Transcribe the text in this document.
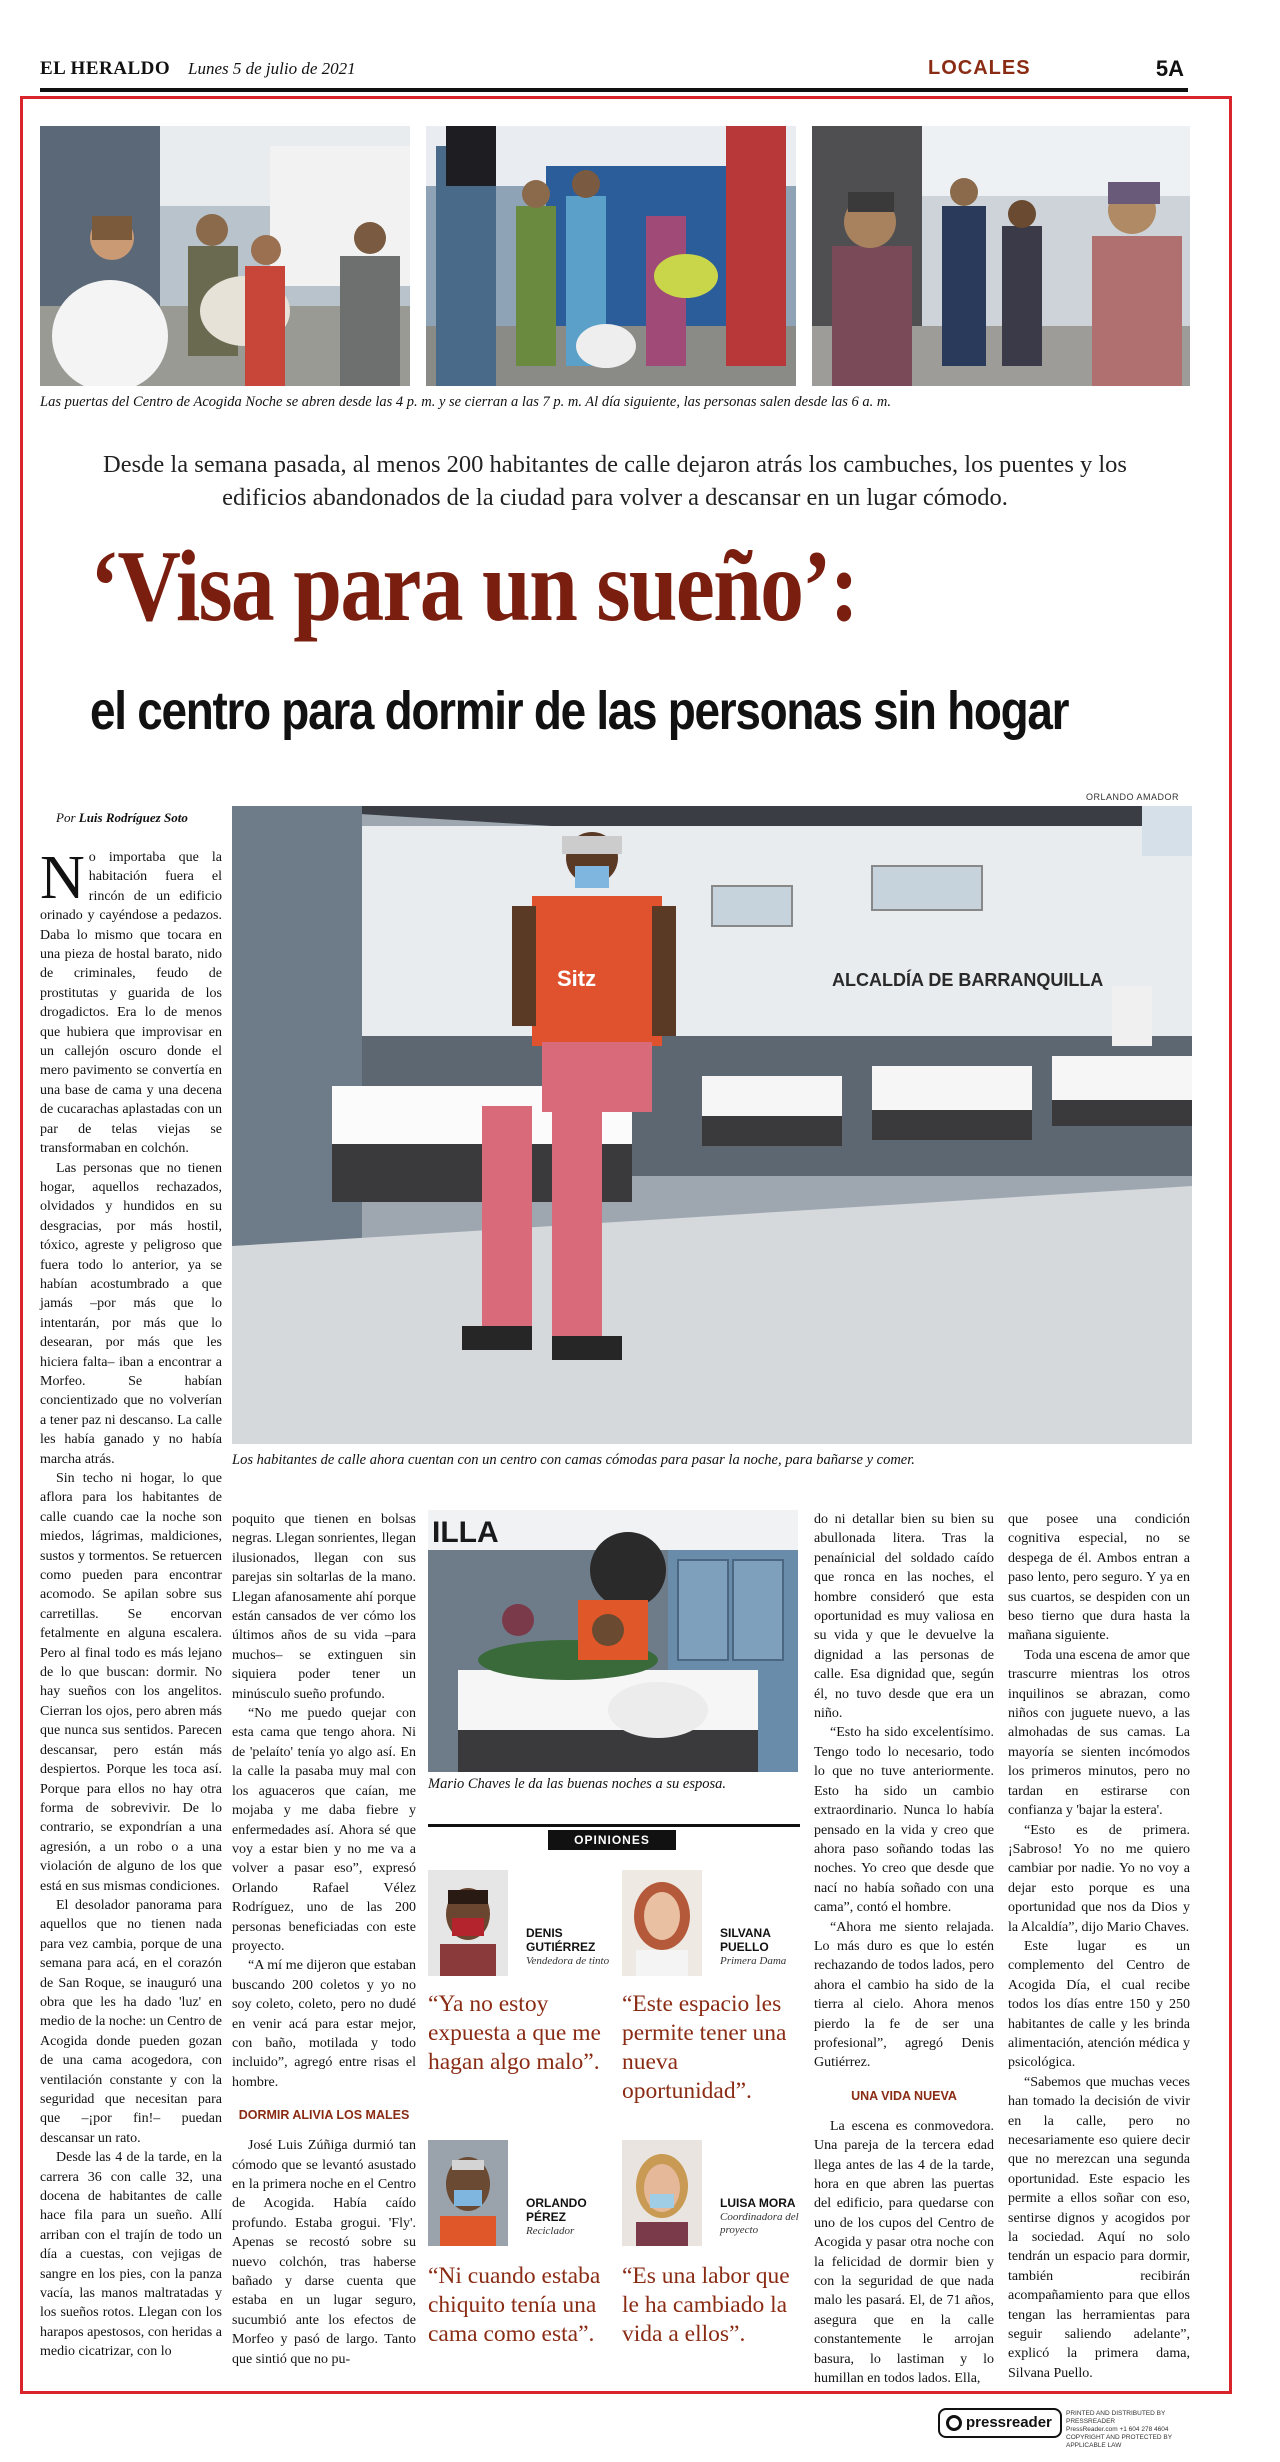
EL HERALDO Lunes 5 de julio de 2021	LOCALES	5A
Las puertas del Centro de Acogida Noche se abren desde las 4 p. m. y se cierran a las 7 p. m. Al día siguiente, las personas salen desde las 6 a. m.
Desde la semana pasada, al menos 200 habitantes de calle dejaron atrás los cambuches, los puentes y los edificios abandonados de la ciudad para volver a descansar en un lugar cómodo.
‘Visa para un sueño’:
el centro para dormir de las personas sin hogar
ORLANDO AMADOR
Por Luis Rodríguez Soto
ALCALDÍA DE BARRANQUILLA
Sitz

No importaba que la habitación fuera el rincón de un edificio orinado y cayéndose a pedazos. Daba lo mismo que tocara en una pieza de hostal barato, nido de criminales, feudo de prostitutas y guarida de los drogadictos. Era lo de menos que hubiera que improvisar en un callejón oscuro donde el mero pavimento se convertía en una base de cama y una decena de cucarachas aplastadas con un par de telas viejas se transformaban en colchón.

Las personas que no tienen hogar, aquellos rechazados, olvidados y hundidos en su desgracias, por más hostil, tóxico, agreste y peligroso que fuera todo lo anterior, ya se habían acostumbrado a que jamás –por más que lo intentarán, por más que lo desearan, por más que les hiciera falta– iban a encontrar a Morfeo. Se habían concientizado que no volverían a tener paz ni descanso. La calle les había ganado y no había marcha atrás.

Sin techo ni hogar, lo que aflora para los habitantes de calle cuando cae la noche son miedos, lágrimas, maldiciones, sustos y tormentos. Se retuercen como pueden para encontrar acomodo. Se apilan sobre sus carretillas. Se encorvan fetalmente en alguna escalera. Pero al final todo es más lejano de lo que buscan: dormir. No hay sueños con los angelitos. Cierran los ojos, pero abren más que nunca sus sentidos. Parecen descansar, pero están más despiertos. Porque les toca así. Porque para ellos no hay otra forma de sobrevivir. De lo contrario, se expondrían a una agresión, a un robo o a una violación de alguno de los que está en sus mismas condiciones.

El desolador panorama para aquellos que no tienen nada para vez cambia, porque de una semana para acá, en el corazón de San Roque, se inauguró una obra que les ha dado 'luz' en medio de la noche: un Centro de Acogida donde pueden gozan de una cama acogedora, con ventilación constante y con la seguridad que necesitan para que –¡por fin!– puedan descansar un rato.

Desde las 4 de la tarde, en la carrera 36 con calle 32, una docena de habitantes de calle hace fila para un sueño. Allí arriban con el trajín de todo un día a cuestas, con vejigas de sangre en los pies, con la panza vacía, las manos maltratadas y los sueños rotos. Llegan con los harapos apestosos, con heridas a medio cicatrizar, con lo

Los habitantes de calle ahora cuentan con un centro con camas cómodas para pasar la noche, para bañarse y comer.

poquito que tienen en bolsas negras. Llegan sonrientes, llegan ilusionados, llegan con sus parejas sin soltarlas de la mano. Llegan afanosamente ahí porque están cansados de ver cómo los últimos años de su vida –para muchos– se extinguen sin siquiera poder tener un minúsculo sueño profundo.

“No me puedo quejar con esta cama que tengo ahora. Ni de 'pelaíto' tenía yo algo así. En la calle la pasaba muy mal con los aguaceros que caían, me mojaba y me daba fiebre y enfermedades así. Ahora sé que voy a estar bien y no me va a volver a pasar eso”, expresó Orlando Rafael Vélez Rodríguez, uno de las 200 personas beneficiadas con este proyecto.

“A mí me dijeron que estaban buscando 200 coletos y yo no soy coleto, coleto, pero no dudé en venir acá para estar mejor, con baño, motilada y todo incluido”, agregó entre risas el hombre.

DORMIR ALIVIA LOS MALES

José Luis Zúñiga durmió tan cómodo que se levantó asustado en la primera noche en el Centro de Acogida. Había caído profundo. Estaba grogui. 'Fly'. Apenas se recostó sobre su nuevo colchón, tras haberse bañado y darse cuenta que estaba en un lugar seguro, sucumbió ante los efectos de Morfeo y pasó de largo. Tanto que sintió que no pu-

ILLA
Mario Chaves le da las buenas noches a su esposa.
OPINIONES
DENIS
GUTIÉRREZ
Vendedora de tinto
“Ya no estoy expuesta a que me hagan algo malo”.
SILVANA
PUELLO
Primera Dama
“Este espacio les permite tener una nueva oportunidad”.
ORLANDO
PÉREZ
Reciclador
“Ni cuando estaba chiquito tenía una cama como esta”.
LUISA MORA
Coordinadora del proyecto
“Es una labor que le ha cambiado la vida a ellos”.

do ni detallar bien su bien su abullonada litera. Tras la penaínicial del soldado caído que ronca en las noches, el hombre consideró que esta oportunidad es muy valiosa en su vida y que le devuelve la dignidad a las personas de calle. Esa dignidad que, según él, no tuvo desde que era un niño.

“Esto ha sido excelentísimo. Tengo todo lo necesario, todo lo que no tuve anteriormente. Esto ha sido un cambio extraordinario. Nunca lo había pensado en la vida y creo que ahora paso soñando todas las noches. Yo creo que desde que nací no había soñado con una cama”, contó el hombre.

“Ahora me siento relajada. Lo más duro es que lo estén rechazando de todos lados, pero ahora el cambio ha sido de la tierra al cielo. Ahora menos pierdo la fe de ser una profesional”, agregó Denis Gutiérrez.

UNA VIDA NUEVA

La escena es conmovedora. Una pareja de la tercera edad llega antes de las 4 de la tarde, hora en que abren las puertas del edificio, para quedarse con uno de los cupos del Centro de Acogida y pasar otra noche con la felicidad de dormir bien y con la seguridad de que nada malo les pasará. El, de 71 años, asegura que en la calle constantemente le arrojan basura, lo lastiman y lo humillan en todos lados. Ella,

que posee una condición cognitiva especial, no se despega de él. Ambos entran a paso lento, pero seguro. Y ya en sus cuartos, se despiden con un beso tierno que dura hasta la mañana siguiente.

Toda una escena de amor que trascurre mientras los otros inquilinos se abrazan, como niños con juguete nuevo, a las almohadas de sus camas. La mayoría se sienten incómodos los primeros minutos, pero no tardan en estirarse con confianza y 'bajar la estera'.

“Esto es de primera. ¡Sabroso! Yo no me quiero cambiar por nadie. Yo no voy a dejar esto porque es una oportunidad que nos da Dios y la Alcaldía”, dijo Mario Chaves.

Este lugar es un complemento del Centro de Acogida Día, el cual recibe todos los días entre 150 y 250 habitantes de calle y les brinda alimentación, atención médica y psicológica.

“Sabemos que muchas veces han tomado la decisión de vivir en la calle, pero no necesariamente eso quiere decir que no merezcan una segunda oportunidad. Este espacio les permite a ellos soñar con eso, sentirse dignos y acogidos por la sociedad. Aquí no solo tendrán un espacio para dormir, también recibirán acompañamiento para que ellos tengan las herramientas para seguir saliendo adelante”, explicó la primera dama, Silvana Puello.

pressreader
PRINTED AND DISTRIBUTED BY PRESSREADER
PressReader.com +1 604 278 4604
COPYRIGHT AND PROTECTED BY APPLICABLE LAW
